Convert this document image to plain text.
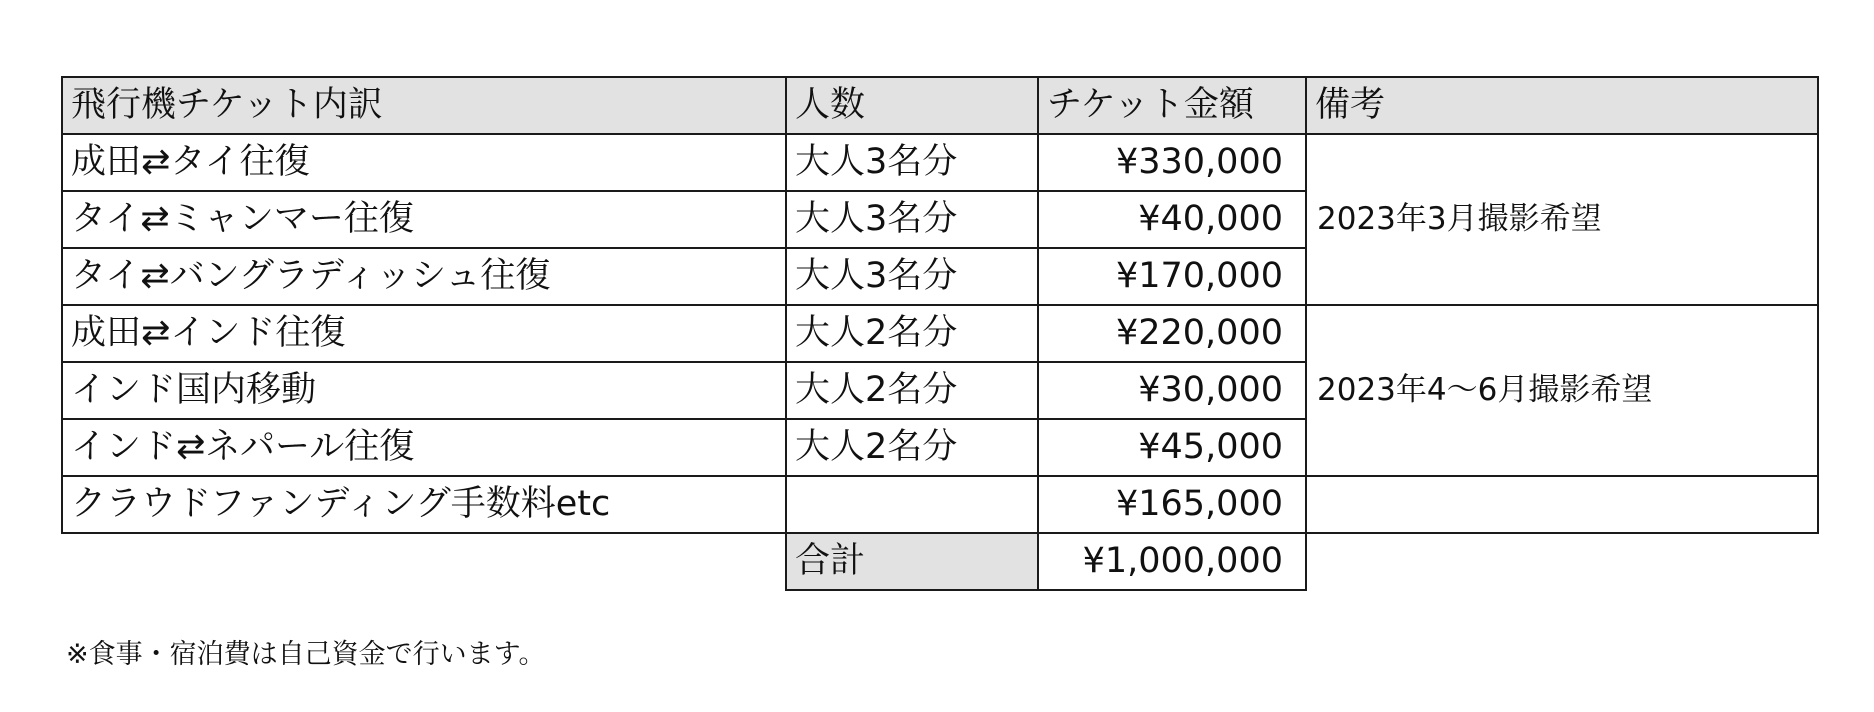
飛行機チケット内訳	人数	チケット金額	備考
成田⇄タイ往復	大人3名分	¥330,000	2023年3月撮影希望
タイ⇄ミャンマー往復	大人3名分	¥40,000	
タイ⇄バングラディッシュ往復	大人3名分	¥170,000	
成田⇄インド往復	大人2名分	¥220,000	2023年4～6月撮影希望
インド国内移動	大人2名分	¥30,000	
インド⇄ネパール往復	大人2名分	¥45,000	
クラウドファンディング手数料etc		¥165,000	
	合計	¥1,000,000	
※食事・宿泊費は自己資金で行います。
